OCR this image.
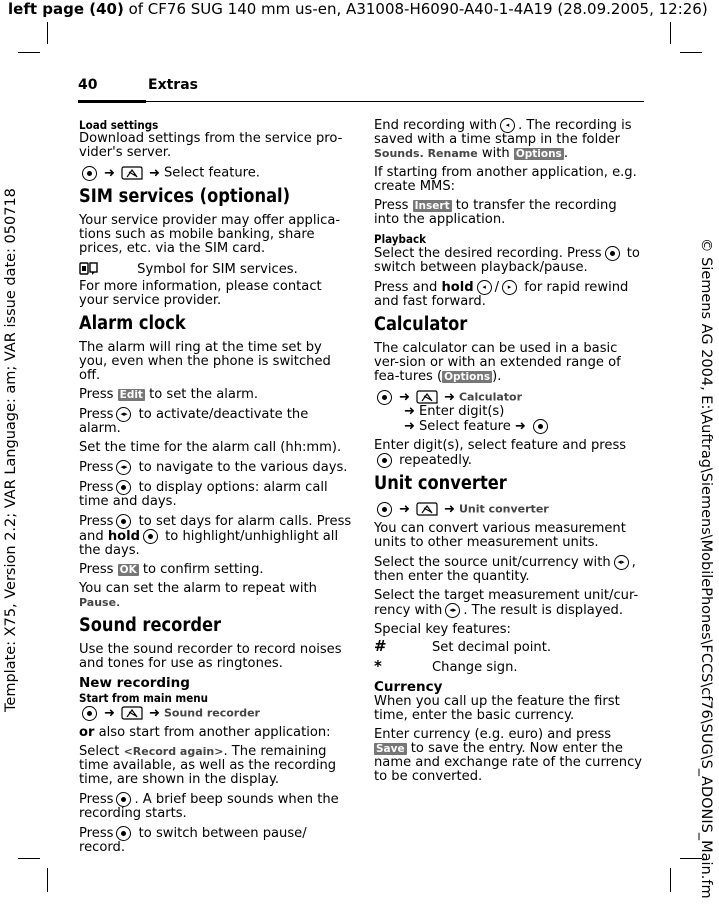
left page (40) of CF76 SUG 140 mm us-en, A31008-H6090-A40-1-4A19 (28.09.2005, 12:26)
Template: X75, Version 2.2; VAR Language: am; VAR issue date: 050718	© Siemens AG 2004, E:\Auftrag\Siemens\MobilePhones\FCCS\cf76\SUG\S_ADONIS_Main.fm
40	Extras
Load settings

Download settings from the service pro-vider's server.

➜	➜ Select feature.
SIM services (optional)

Your service provider may offer applica-tions such as mobile banking, share prices, etc. via the SIM card.

Symbol for SIM services.

For more information, please contact your service provider.

Alarm clock

The alarm will ring at the time set by you, even when the phone is switched off.

Press Edit to set the alarm.

Press ◂▸ to activate/deactivate the alarm.

Set the time for the alarm call (hh:mm).

Press ◂▸ to navigate to the various days.

Press to display options: alarm call time and days.

Press to set days for alarm calls. Press and hold to highlight/unhighlight all the days.

Press OK to confirm setting.

You can set the alarm to repeat with Pause.

Sound recorder

Use the sound recorder to record noises and tones for use as ringtones.

New recording
Start from main menu
➜	➜ Sound recorder

or also start from another application:

Select <Record again>. The remaining time available, as well as the recording time, are shown in the display.

Press . A brief beep sounds when the recording starts.

Press to switch between pause/ record.

End recording with	◂ . The recording is saved with a time stamp in the folder Sounds. Rename with Options .

If starting from another application, e.g. create MMS:

Press Insert to transfer the recording into the application.

Playback

Select the desired recording. Press to switch between playback/pause.

Press and hold	◂ /	▸ for rapid rewind and fast forward.

Calculator

The calculator can be used in a basic ver-sion or with an extended range of fea-tures ( Options ).

➜	➜ Calculator
➜ Enter digit(s)
➜ Select feature ➜

Enter digit(s), select feature and press repeatedly.

Unit converter
➜	➜ Unit converter

You can convert various measurement units to other measurement units.

Select the source unit/currency with ◂▸ , then enter the quantity.

Select the target measurement unit/cur-rency with ◂▸ . The result is displayed.

Special key features:

#	Set decimal point.

*	Change sign.

Currency

When you call up the feature the first time, enter the basic currency.

Enter currency (e.g. euro) and press Save to save the entry. Now enter the name and exchange rate of the currency to be converted.
